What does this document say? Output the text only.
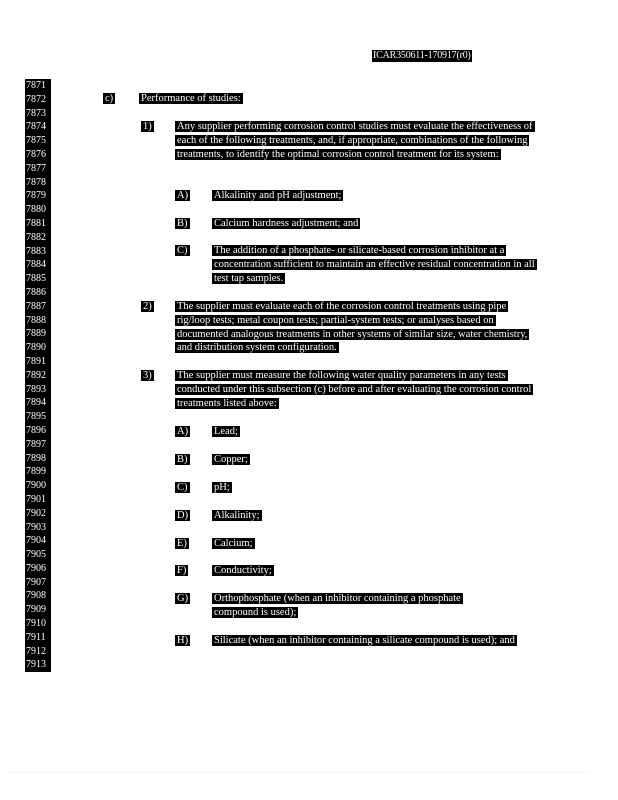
ICAR350611-170917(r0)
7871
7872
7873
7874
7875
7876
7877
7878
7879
7880
7881
7882
7883
7884
7885
7886
7887
7888
7889
7890
7891
7892
7893
7894
7895
7896
7897
7898
7899
7900
7901
7902
7903
7904
7905
7906
7907
7908
7909
7910
7911
7912
7913
c)	Performance of studies:
1) Any supplier performing corrosion control studies must evaluate the effectiveness of each of the following treatments, and, if appropriate, combinations of the following treatments, to identify the optimal corrosion control treatment for its system:
A) Alkalinity and pH adjustment;
B)	Calcium hardness adjustment; and
C)	The addition of a phosphate- or silicate-based corrosion inhibitor at a concentration sufficient to maintain an effective residual concentration in all test tap samples.
2) The supplier must evaluate each of the corrosion control treatments using pipe rig/loop tests; metal coupon tests; partial-system tests; or analyses based on documented analogous treatments in other systems of similar size, water chemistry, and distribution system configuration.
3) The supplier must measure the following water quality parameters in any tests conducted under this subsection (c) before and after evaluating the corrosion control treatments listed above:
A) Lead;
B)	Copper;
C)	pH;
D) Alkalinity;
E)	Calcium;
F)	Conductivity;
G) Orthophosphate (when an inhibitor containing a phosphate compound is used);
H) Silicate (when an inhibitor containing a silicate compound is used); and
